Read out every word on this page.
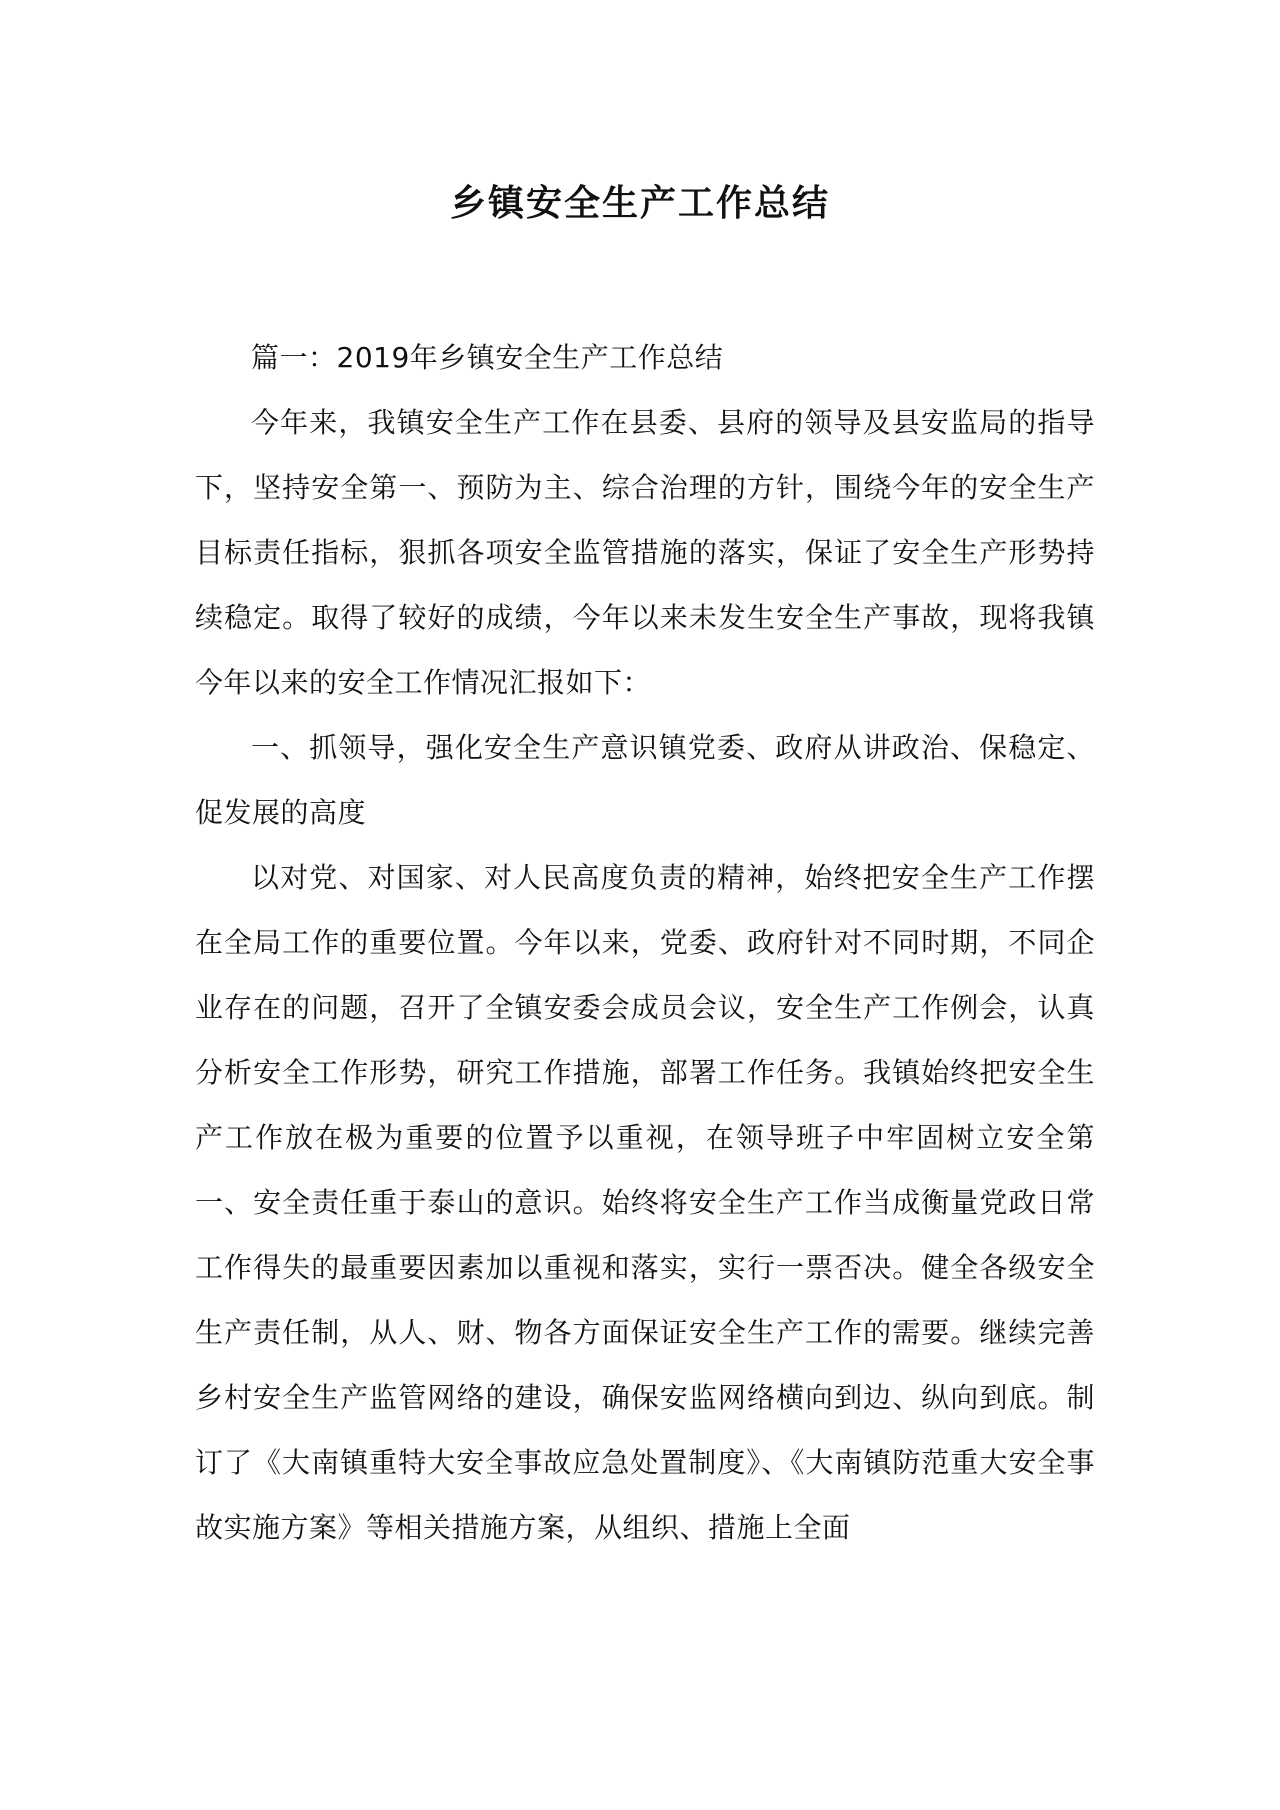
乡镇安全生产工作总结

篇一：2019年乡镇安全生产工作总结

今年来，我镇安全生产工作在县委、县府的领导及县安监局的指导下，坚持安全第一、预防为主、综合治理的方针，围绕今年的安全生产目标责任指标，狠抓各项安全监管措施的落实，保证了安全生产形势持续稳定。取得了较好的成绩，今年以来未发生安全生产事故，现将我镇今年以来的安全工作情况汇报如下：

一、抓领导，强化安全生产意识镇党委、政府从讲政治、保稳定、促发展的高度

以对党、对国家、对人民高度负责的精神，始终把安全生产工作摆在全局工作的重要位置。今年以来，党委、政府针对不同时期，不同企业存在的问题，召开了全镇安委会成员会议，安全生产工作例会，认真分析安全工作形势，研究工作措施，部署工作任务。我镇始终把安全生产工作放在极为重要的位置予以重视，在领导班子中牢固树立安全第一、安全责任重于泰山的意识。始终将安全生产工作当成衡量党政日常工作得失的最重要因素加以重视和落实，实行一票否决。健全各级安全生产责任制，从人、财、物各方面保证安全生产工作的需要。继续完善乡村安全生产监管网络的建设，确保安监网络横向到边、纵向到底。制订了《大南镇重特大安全事故应急处置制度》、《大南镇防范重大安全事故实施方案》等相关措施方案，从组织、措施上全面
